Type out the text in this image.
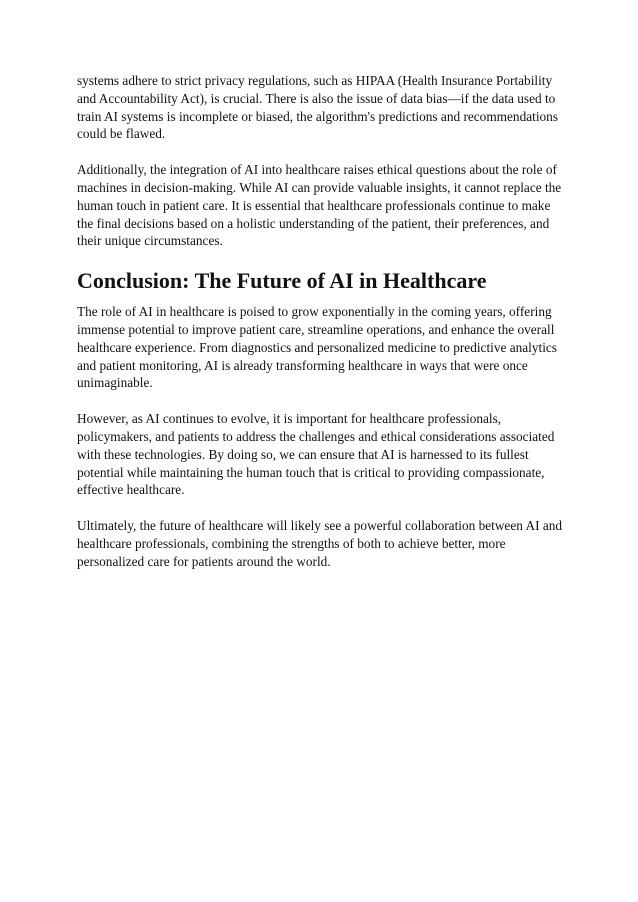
systems adhere to strict privacy regulations, such as HIPAA (Health Insurance Portability and Accountability Act), is crucial. There is also the issue of data bias—if the data used to train AI systems is incomplete or biased, the algorithm's predictions and recommendations could be flawed.

Additionally, the integration of AI into healthcare raises ethical questions about the role of machines in decision-making. While AI can provide valuable insights, it cannot replace the human touch in patient care. It is essential that healthcare professionals continue to make the final decisions based on a holistic understanding of the patient, their preferences, and their unique circumstances.

Conclusion: The Future of AI in Healthcare

The role of AI in healthcare is poised to grow exponentially in the coming years, offering immense potential to improve patient care, streamline operations, and enhance the overall healthcare experience. From diagnostics and personalized medicine to predictive analytics and patient monitoring, AI is already transforming healthcare in ways that were once unimaginable.

However, as AI continues to evolve, it is important for healthcare professionals, policymakers, and patients to address the challenges and ethical considerations associated with these technologies. By doing so, we can ensure that AI is harnessed to its fullest potential while maintaining the human touch that is critical to providing compassionate, effective healthcare.

Ultimately, the future of healthcare will likely see a powerful collaboration between AI and healthcare professionals, combining the strengths of both to achieve better, more personalized care for patients around the world.
